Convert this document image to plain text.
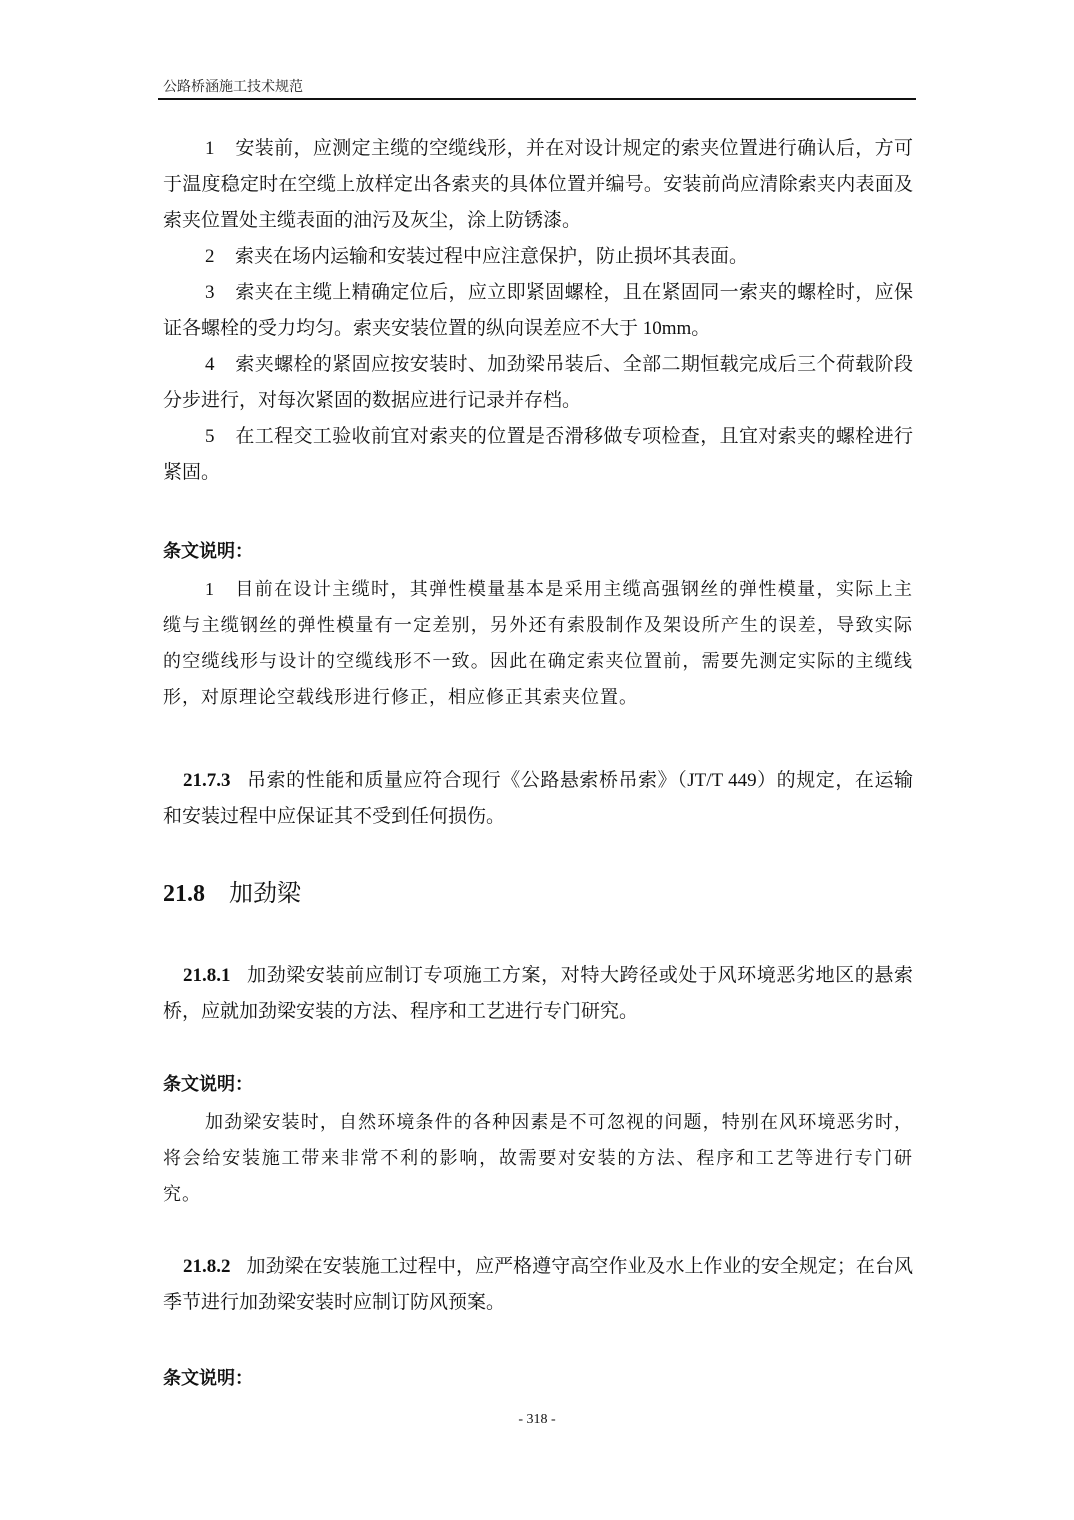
公路桥涵施工技术规范

1 安装前，应测定主缆的空缆线形，并在对设计规定的索夹位置进行确认后，方可于温度稳定时在空缆上放样定出各索夹的具体位置并编号。安装前尚应清除索夹内表面及索夹位置处主缆表面的油污及灰尘，涂上防锈漆。

2 索夹在场内运输和安装过程中应注意保护，防止损坏其表面。

3 索夹在主缆上精确定位后，应立即紧固螺栓，且在紧固同一索夹的螺栓时，应保证各螺栓的受力均匀。索夹安装位置的纵向误差应不大于 10mm。

4 索夹螺栓的紧固应按安装时、加劲梁吊装后、全部二期恒载完成后三个荷载阶段分步进行，对每次紧固的数据应进行记录并存档。

5 在工程交工验收前宜对索夹的位置是否滑移做专项检查，且宜对索夹的螺栓进行紧固。

条文说明：

1 目前在设计主缆时，其弹性模量基本是采用主缆高强钢丝的弹性模量，实际上主缆与主缆钢丝的弹性模量有一定差别，另外还有索股制作及架设所产生的误差，导致实际的空缆线形与设计的空缆线形不一致。因此在确定索夹位置前，需要先测定实际的主缆线形，对原理论空载线形进行修正，相应修正其索夹位置。

21.7.3 吊索的性能和质量应符合现行《公路悬索桥吊索》（JT/T 449）的规定，在运输和安装过程中应保证其不受到任何损伤。

21.8 加劲梁

21.8.1 加劲梁安装前应制订专项施工方案，对特大跨径或处于风环境恶劣地区的悬索桥，应就加劲梁安装的方法、程序和工艺进行专门研究。

条文说明：

加劲梁安装时，自然环境条件的各种因素是不可忽视的问题，特别在风环境恶劣时，将会给安装施工带来非常不利的影响，故需要对安装的方法、程序和工艺等进行专门研究。

21.8.2 加劲梁在安装施工过程中，应严格遵守高空作业及水上作业的安全规定；在台风季节进行加劲梁安装时应制订防风预案。

条文说明：

- 318 -
